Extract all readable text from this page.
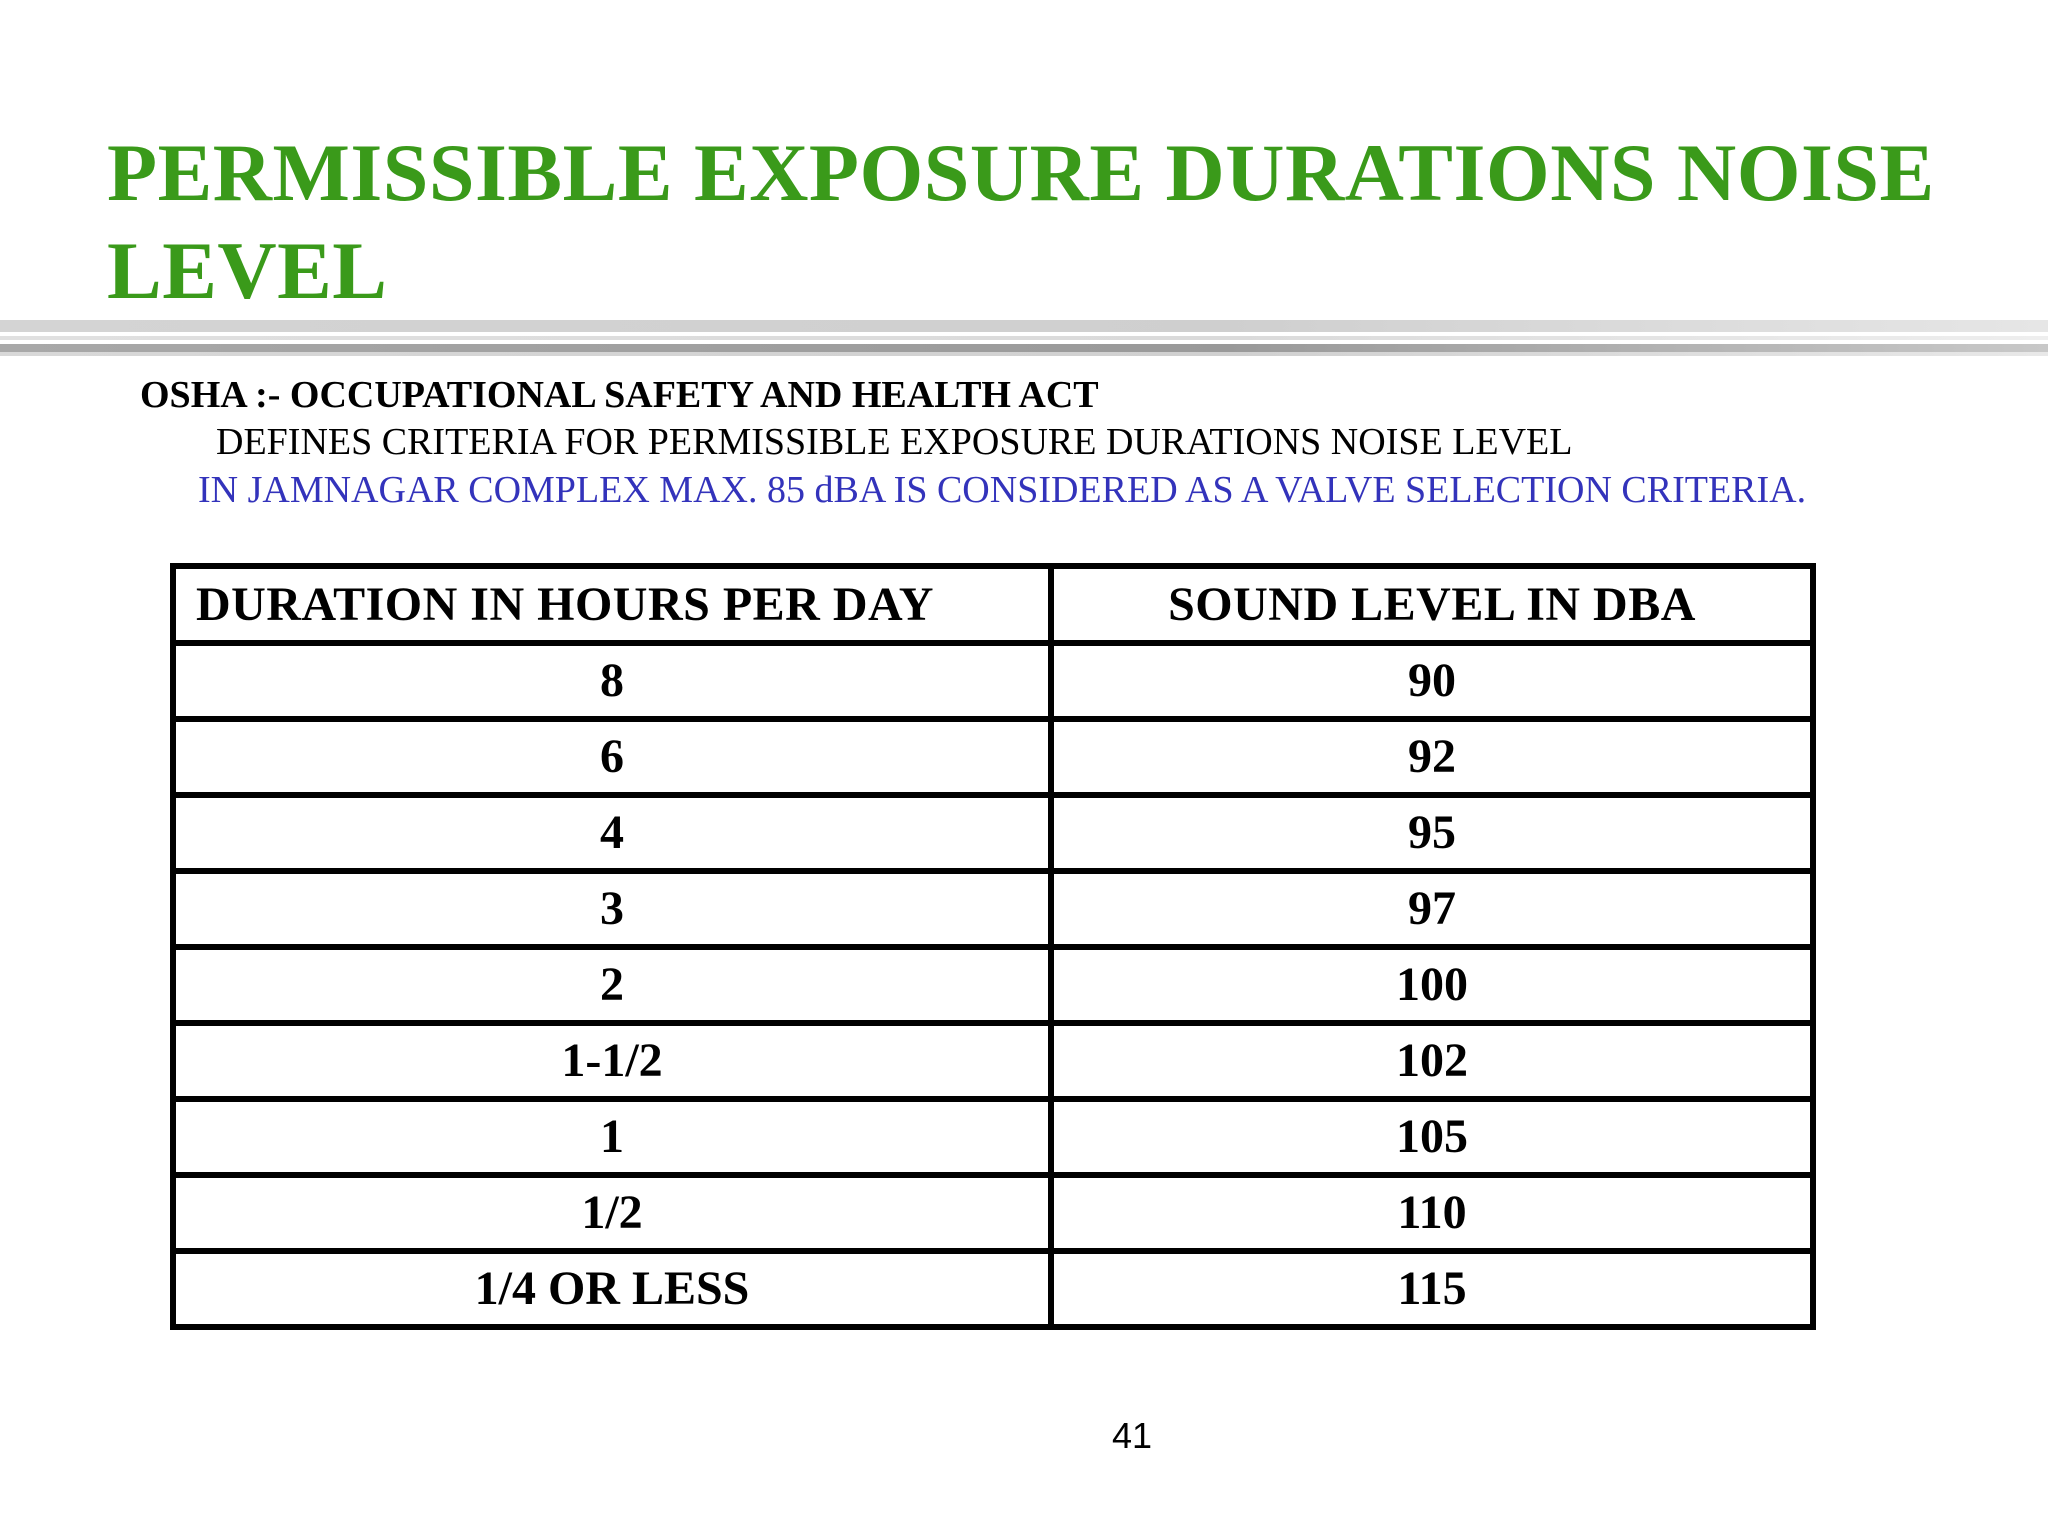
PERMISSIBLE EXPOSURE DURATIONS NOISE LEVEL
OSHA :- OCCUPATIONAL SAFETY AND HEALTH ACT
DEFINES CRITERIA FOR PERMISSIBLE EXPOSURE DURATIONS NOISE LEVEL
IN JAMNAGAR COMPLEX MAX. 85 dBA IS CONSIDERED AS A VALVE SELECTION CRITERIA.
DURATION IN HOURS PER DAY	SOUND LEVEL IN DBA
8	90
6	92
4	95
3	97
2	100
1-1/2	102
1	105
1/2	110
1/4 OR LESS	115
41
